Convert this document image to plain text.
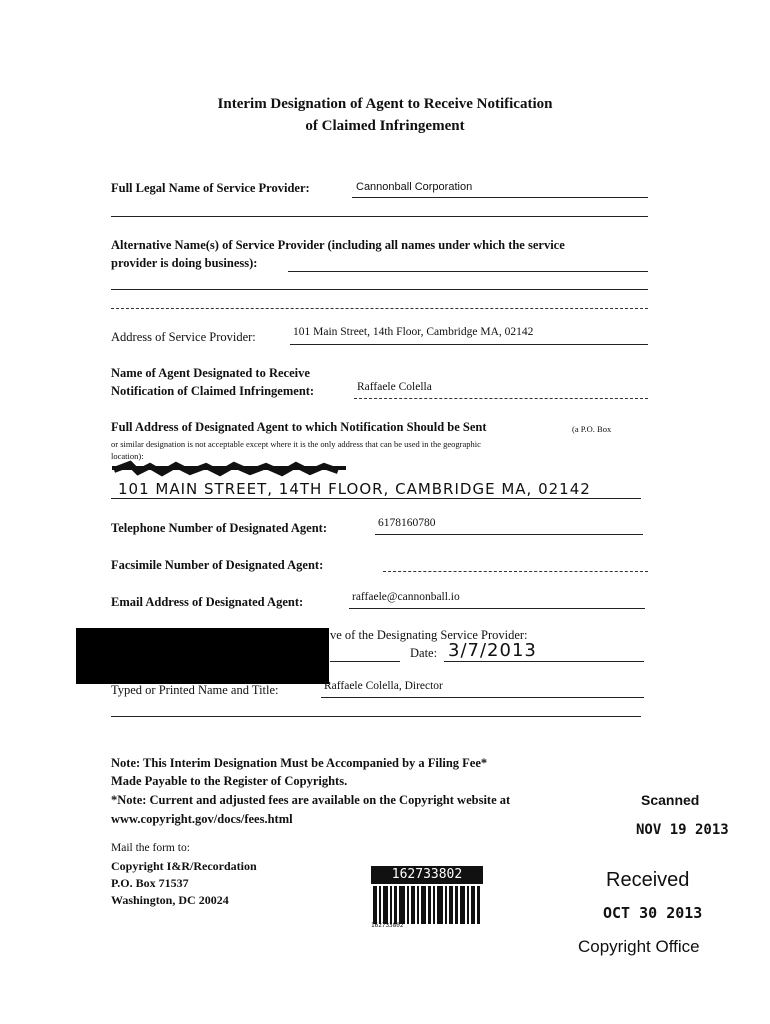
Interim Designation of Agent to Receive Notification
of Claimed Infringement
Full Legal Name of Service Provider:	Cannonball Corporation
Alternative Name(s) of Service Provider (including all names under which the service
provider is doing business):
Address of Service Provider:	101 Main Street, 14th Floor, Cambridge MA, 02142
Name of Agent Designated to Receive
Notification of Claimed Infringement:	Raffaele Colella
Full Address of Designated Agent to which Notification Should be Sent	(a P.O. Box
or similar designation is not acceptable except where it is the only address that can be used in the geographic
location):
101 MAIN STREET, 14TH FLOOR, CAMBRIDGE MA, 02142
Telephone Number of Designated Agent:	6178160780
Facsimile Number of Designated Agent:
Email Address of Designated Agent:	raffaele@cannonball.io
ve of the Designating Service Provider:
Date: 3/7/2013
Typed or Printed Name and Title:	Raffaele Colella, Director
Note: This Interim Designation Must be Accompanied by a Filing Fee*
Made Payable to the Register of Copyrights.
*Note: Current and adjusted fees are available on the Copyright website at
www.copyright.gov/docs/fees.html
Mail the form to:
Copyright I&R/Recordation
P.O. Box 71537
Washington, DC 20024
162733802
162733802
Scanned
NOV 19 2013
Received
OCT 30 2013
Copyright Office
